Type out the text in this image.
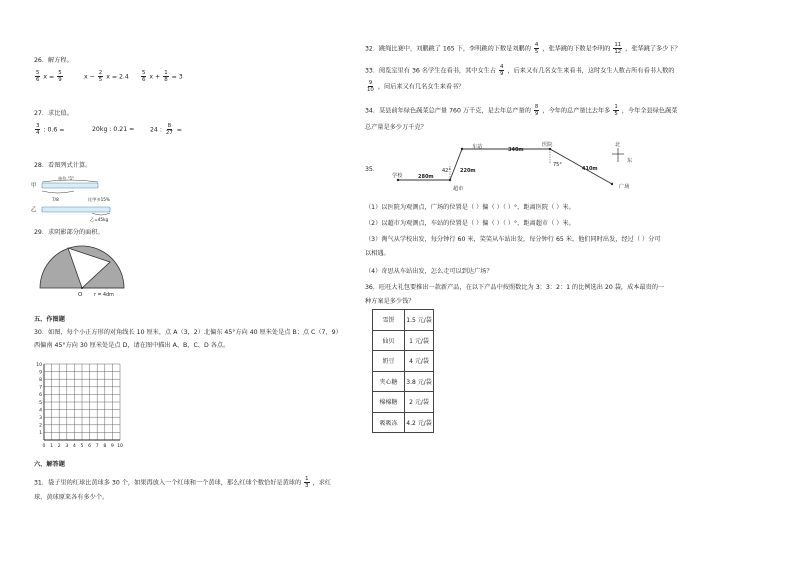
26．解方程。
$\frac{5}{6}$ $x = \frac{5}{9}$	$x - \frac{2}{5}$ $x = 2.4 \frac{5}{6}$ $x + \frac{1}{8} = 3$
27．求比值。
$\frac{3}{4}$ : 0.6 =	20kg : 0.21 =	24 : $\frac{8}{27}$ =
28．看图列式计算。
甲
乙
单位 "1"
7/8	比甲多15%
乙=45kg
29．求阴影部分的面积。
O r = 4dm
五、作图题
30．如图，每个小正方形的对角线长 10 厘米，点 A（3，2）北偏东 45°方向 40 厘米处是点 B；点 C（7，9）
西偏南 45°方向 30 厘米处是点 D，请在图中描出 A、B、C、D 各点。
10
9
8
7
6
5
4
3
2
1
0 1 2 3 4 5 6 7 8 9 10
六、解答题
31．袋子里的红球比黄球多 30 个，如果再放入一个红球和一个黄球，那么红球个数恰好是黄球的 $\frac{1}{3}$ ，求红
球、黄球原来各有多少个。
32．跳绳比赛中，刘鹏跳了 165 下，李明跳的下数是刘鹏的 $\frac{4}{5}$ ，张华跳的下数是李明的 $\frac{11}{12}$ ，张华跳了多少下？
33．阅览室里有 36 名学生在看书，其中女生占 $\frac{4}{9}$ ，后来又有几名女生来看书，这时女生人数占所有看书人数的
$\frac{9}{10}$ ，问后来又有几名女生来看书？
34．某县前年绿色蔬菜总产量 760 万千克，是去年总产量的 $\frac{8}{9}$ ，今年的总产量比去年多 $\frac{1}{5}$ ，今年全县绿色蔬菜
总产量是多少万千克？
35．
学校
超市
车站	医院
广场
280m
220m
340m
410m
42°
75°
北
东
（1）以医院为观测点，广场的位置是（ ）偏（ ）（ ）°，距离医院（ ）米。
（2）以超市为观测点，车站的位置是（ ）偏（ ）（ ）°，距离超市（ ）米。
（3）淘气从学校出发，每分钟行 60 米，笑笑从车站出发，每分钟行 65 米，他们同时出发，经过（ ）分可
以相遇。
（4）奇思从车站出发，怎么走可以到达广场？
36．旺旺大礼包要推出一款新产品，在以下产品中按照数比为 3：3：2：1 的比例选出 20 袋，成本最贵的一
种方案是多少钱？
雪饼	1.5 元/袋
仙贝	1 元/袋
奶豆	4 元/袋
夹心糖	3.8 元/袋
棉棉糖	2 元/袋
吸吸冻	4.2 元/袋
